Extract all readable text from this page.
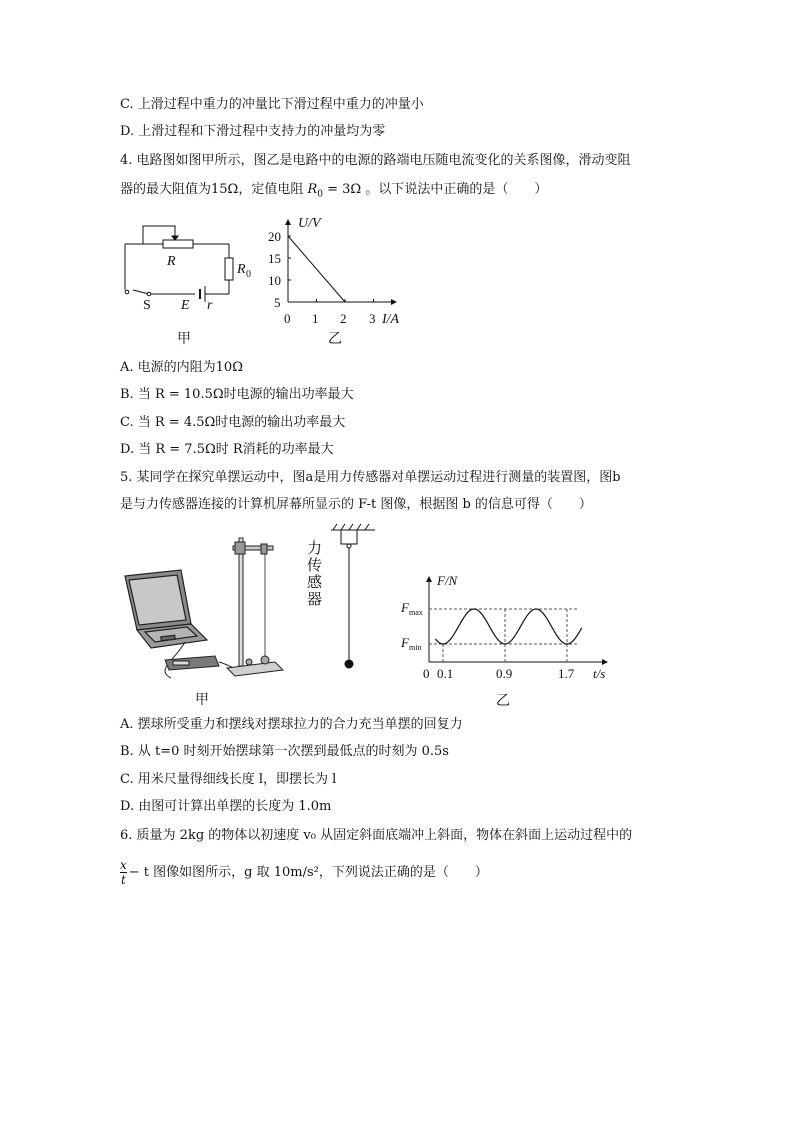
C. 上滑过程中重力的冲量比下滑过程中重力的冲量小
D. 上滑过程和下滑过程中支持力的冲量均为零
4. 电路图如图甲所示，图乙是电路中的电源的路端电压随电流变化的关系图像，滑动变阻
器的最大阻值为15Ω，定值电阻 $R_0 = 3\Omega$ 。以下说法中正确的是（　　）
R
R 0
S E r
甲
U/V
I/A
20
15
10
5
0 1 2 3
乙
A. 电源的内阻为10Ω
B. 当 R = 10.5Ω时电源的输出功率最大
C. 当 R = 4.5Ω时电源的输出功率最大
D. 当 R = 7.5Ω时 R消耗的功率最大
5. 某同学在探究单摆运动中，图a是用力传感器对单摆运动过程进行测量的装置图，图b
是与力传感器连接的计算机屏幕所显示的 F-t 图像，根据图 b 的信息可得（　　）
力
传
感
器
甲
F/N
t/s
F max
F min
0 0.1	0.9	1.7
乙
A. 摆球所受重力和摆线对摆球拉力的合力充当单摆的回复力
B. 从 t=0 时刻开始摆球第一次摆到最低点的时刻为 0.5s
C. 用米尺量得细线长度 l，即摆长为 l
D. 由图可计算出单摆的长度为 1.0m
6. 质量为 2kg 的物体以初速度 v₀ 从固定斜面底端冲上斜面，物体在斜面上运动过程中的
$\frac{x}{t} - t$ 图像如图所示，g 取 10m/s²，下列说法正确的是（　　）
